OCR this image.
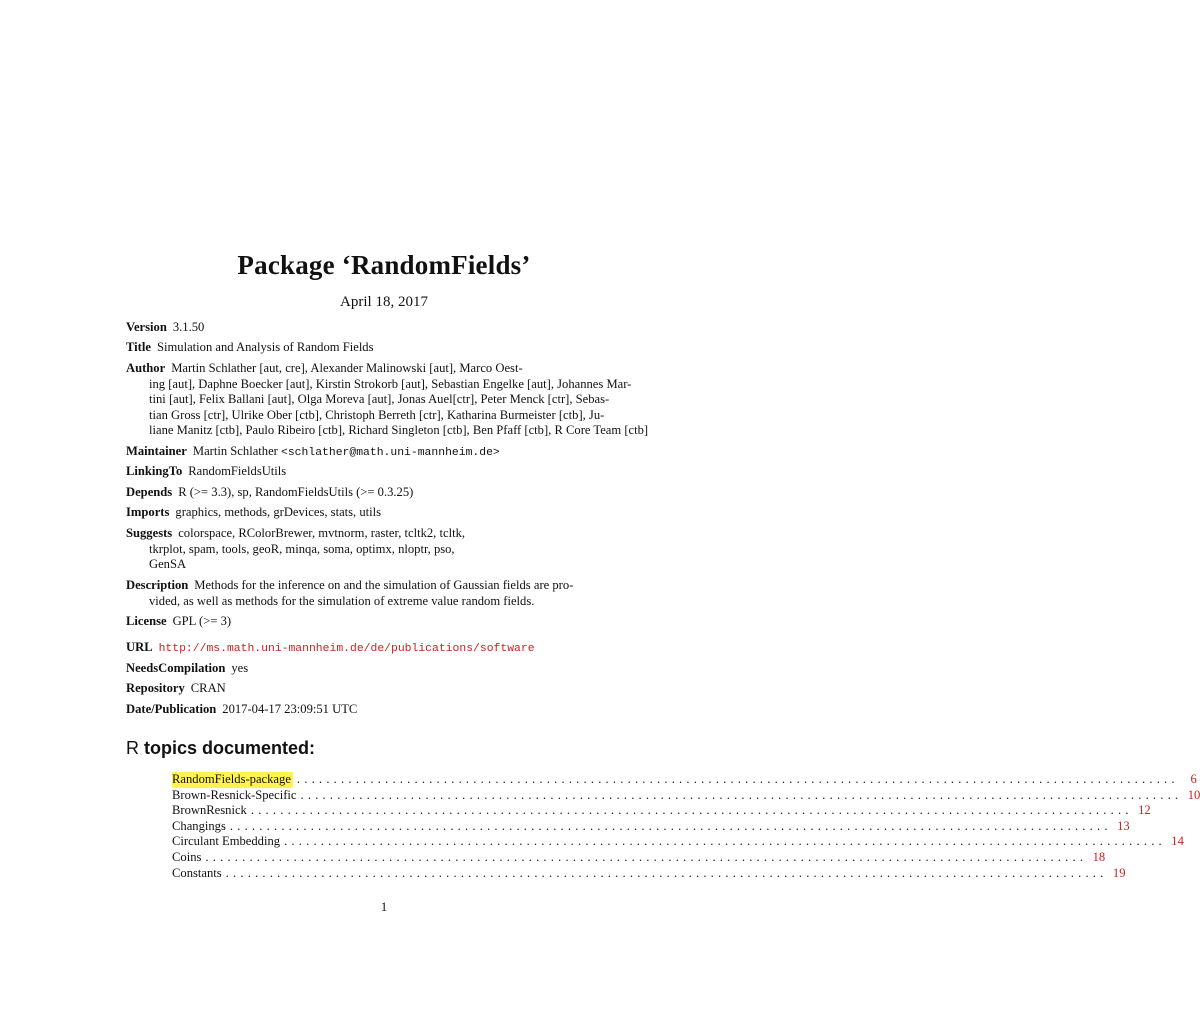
Package ‘RandomFields’
April 18, 2017
Version 3.1.50
Title Simulation and Analysis of Random Fields
Author Martin Schlather [aut, cre], Alexander Malinowski [aut], Marco Oest-
ing [aut], Daphne Boecker [aut], Kirstin Strokorb [aut], Sebastian Engelke [aut], Johannes Mar-
tini [aut], Felix Ballani [aut], Olga Moreva [aut], Jonas Auel[ctr], Peter Menck [ctr], Sebas-
tian Gross [ctr], Ulrike Ober [ctb], Christoph Berreth [ctr], Katharina Burmeister [ctb], Ju-
liane Manitz [ctb], Paulo Ribeiro [ctb], Richard Singleton [ctb], Ben Pfaff [ctb], R Core Team [ctb]
Maintainer Martin Schlather <schlather@math.uni-mannheim.de>
LinkingTo RandomFieldsUtils
Depends R (>= 3.3), sp, RandomFieldsUtils (>= 0.3.25)
Imports graphics, methods, grDevices, stats, utils
Suggests colorspace, RColorBrewer, mvtnorm, raster, tcltk2, tcltk,
tkrplot, spam, tools, geoR, minqa, soma, optimx, nloptr, pso,
GenSA
Description Methods for the inference on and the simulation of Gaussian fields are pro-
vided, as well as methods for the simulation of extreme value random fields.
License GPL (>= 3)
URL http://ms.math.uni-mannheim.de/de/publications/software
NeedsCompilation yes
Repository CRAN
Date/Publication 2017-04-17 23:09:51 UTC
R topics documented:
RandomFields-package ........................................................................................................................ 6
Brown-Resnick-Specific ........................................................................................................................ 10
BrownResnick ........................................................................................................................ 12
Changings ........................................................................................................................ 13
Circulant Embedding ........................................................................................................................ 14
Coins ........................................................................................................................ 18
Constants ........................................................................................................................ 19
1
